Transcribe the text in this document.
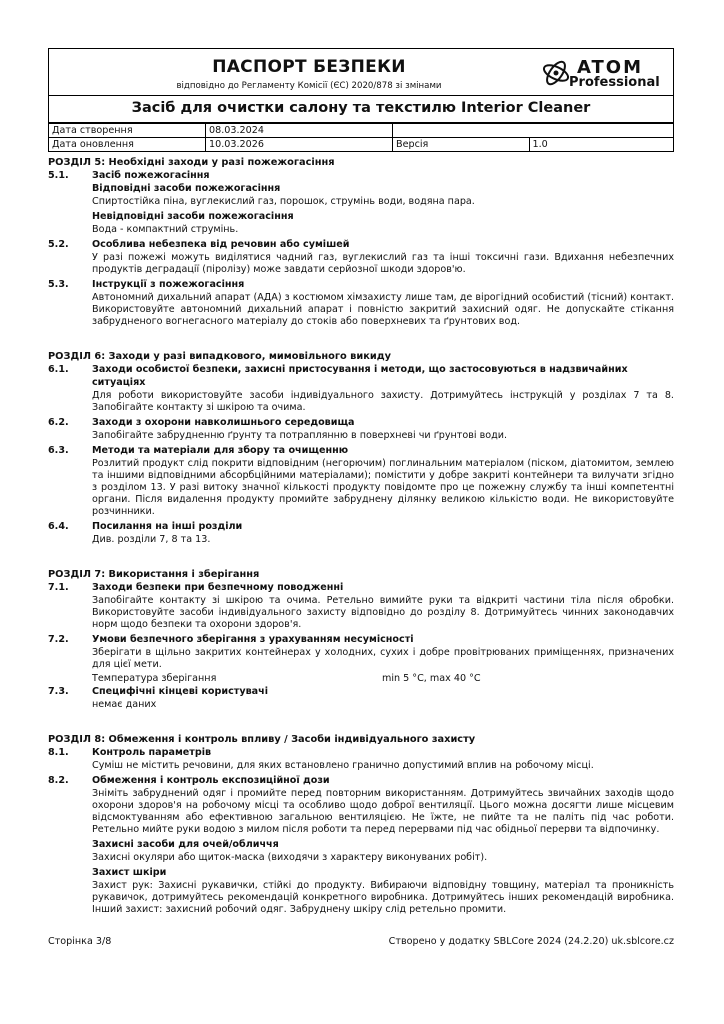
ПАСПОРТ БЕЗПЕКИ
відповідно до Регламенту Комісії (ЄС) 2020/878 зі змінами
ATOM
Professional
Засіб для очистки салону та текстилю Interior Cleaner
Дата створення	08.03.2024		
Дата оновлення	10.03.2026	Версія	1.0
РОЗДІЛ 5: Необхідні заходи у разі пожежогасіння
5.1.	Засіб пожежогасіння
Відповідні засоби пожежогасіння
Спиртостійка піна, вуглекислий газ, порошок, струмінь води, водяна пара.
Невідповідні засоби пожежогасіння
Вода - компактний струмінь.
5.2.	Особлива небезпека від речовин або сумішей
У разі пожежі можуть виділятися чадний газ, вуглекислий газ та інші токсичні гази. Вдихання небезпечних продуктів деградації (піролізу) може завдати серйозної шкоди здоров'ю.
5.3.	Інструкції з пожежогасіння
Автономний дихальний апарат (АДА) з костюмом хімзахисту лише там, де вірогідний особистий (тісний) контакт. Використовуйте автономний дихальний апарат і повністю закритий захисний одяг. Не допускайте стікання забрудненого вогнегасного матеріалу до стоків або поверхневих та ґрунтових вод.
РОЗДІЛ 6: Заходи у разі випадкового, мимовільного викиду
6.1.	Заходи особистої безпеки, захисні пристосування і методи, що застосовуються в надзвичайних ситуаціях
Для роботи використовуйте засоби індивідуального захисту. Дотримуйтесь інструкцій у розділах 7 та 8. Запобігайте контакту зі шкірою та очима.
6.2.	Заходи з охорони навколишнього середовища
Запобігайте забрудненню ґрунту та потраплянню в поверхневі чи ґрунтові води.
6.3.	Методи та матеріали для збору та очищенню
Розлитий продукт слід покрити відповідним (негорючим) поглинальним матеріалом (піском, діатомитом, землею та іншими відповідними абсорбційними матеріалами); помістити у добре закриті контейнери та вилучати згідно з розділом 13. У разі витоку значної кількості продукту повідомте про це пожежну службу та інші компетентні органи. Після видалення продукту промийте забруднену ділянку великою кількістю води. Не використовуйте розчинники.
6.4.	Посилання на інші розділи
Див. розділи 7, 8 та 13.
РОЗДІЛ 7: Використання і зберігання
7.1.	Заходи безпеки при безпечному поводженні
Запобігайте контакту зі шкірою та очима. Ретельно вимийте руки та відкриті частини тіла після обробки. Використовуйте засоби індивідуального захисту відповідно до розділу 8. Дотримуйтесь чинних законодавчих норм щодо безпеки та охорони здоров'я.
7.2.	Умови безпечного зберігання з урахуванням несумісності
Зберігати в щільно закритих контейнерах у холодних, сухих і добре провітрюваних приміщеннях, призначених для цієї мети.
Температура зберігання	min 5 °C, max 40 °C
7.3.	Специфічні кінцеві користувачі
немає даних
РОЗДІЛ 8: Обмеження і контроль впливу / Засоби індивідуального захисту
8.1.	Контроль параметрів
Суміш не містить речовини, для яких встановлено гранично допустимий вплив на робочому місці.
8.2.	Обмеження і контроль експозиційної дози
Зніміть забруднений одяг і промийте перед повторним використанням. Дотримуйтесь звичайних заходів щодо охорони здоров'я на робочому місці та особливо щодо доброї вентиляції. Цього можна досягти лише місцевим відсмоктуванням або ефективною загальною вентиляцією. Не їжте, не пийте та не паліть під час роботи. Ретельно мийте руки водою з милом після роботи та перед перервами під час обідньої перерви та відпочинку.
Захисні засоби для очей/обличчя
Захисні окуляри або щиток-маска (виходячи з характеру виконуваних робіт).
Захист шкіри
Захист рук: Захисні рукавички, стійкі до продукту. Вибираючи відповідну товщину, матеріал та проникність рукавичок, дотримуйтесь рекомендацій конкретного виробника. Дотримуйтесь інших рекомендацій виробника. Інший захист: захисний робочий одяг. Забруднену шкіру слід ретельно промити.
Сторінка 3/8	Створено у додатку SBLCore 2024 (24.2.20) uk.sblcore.cz
